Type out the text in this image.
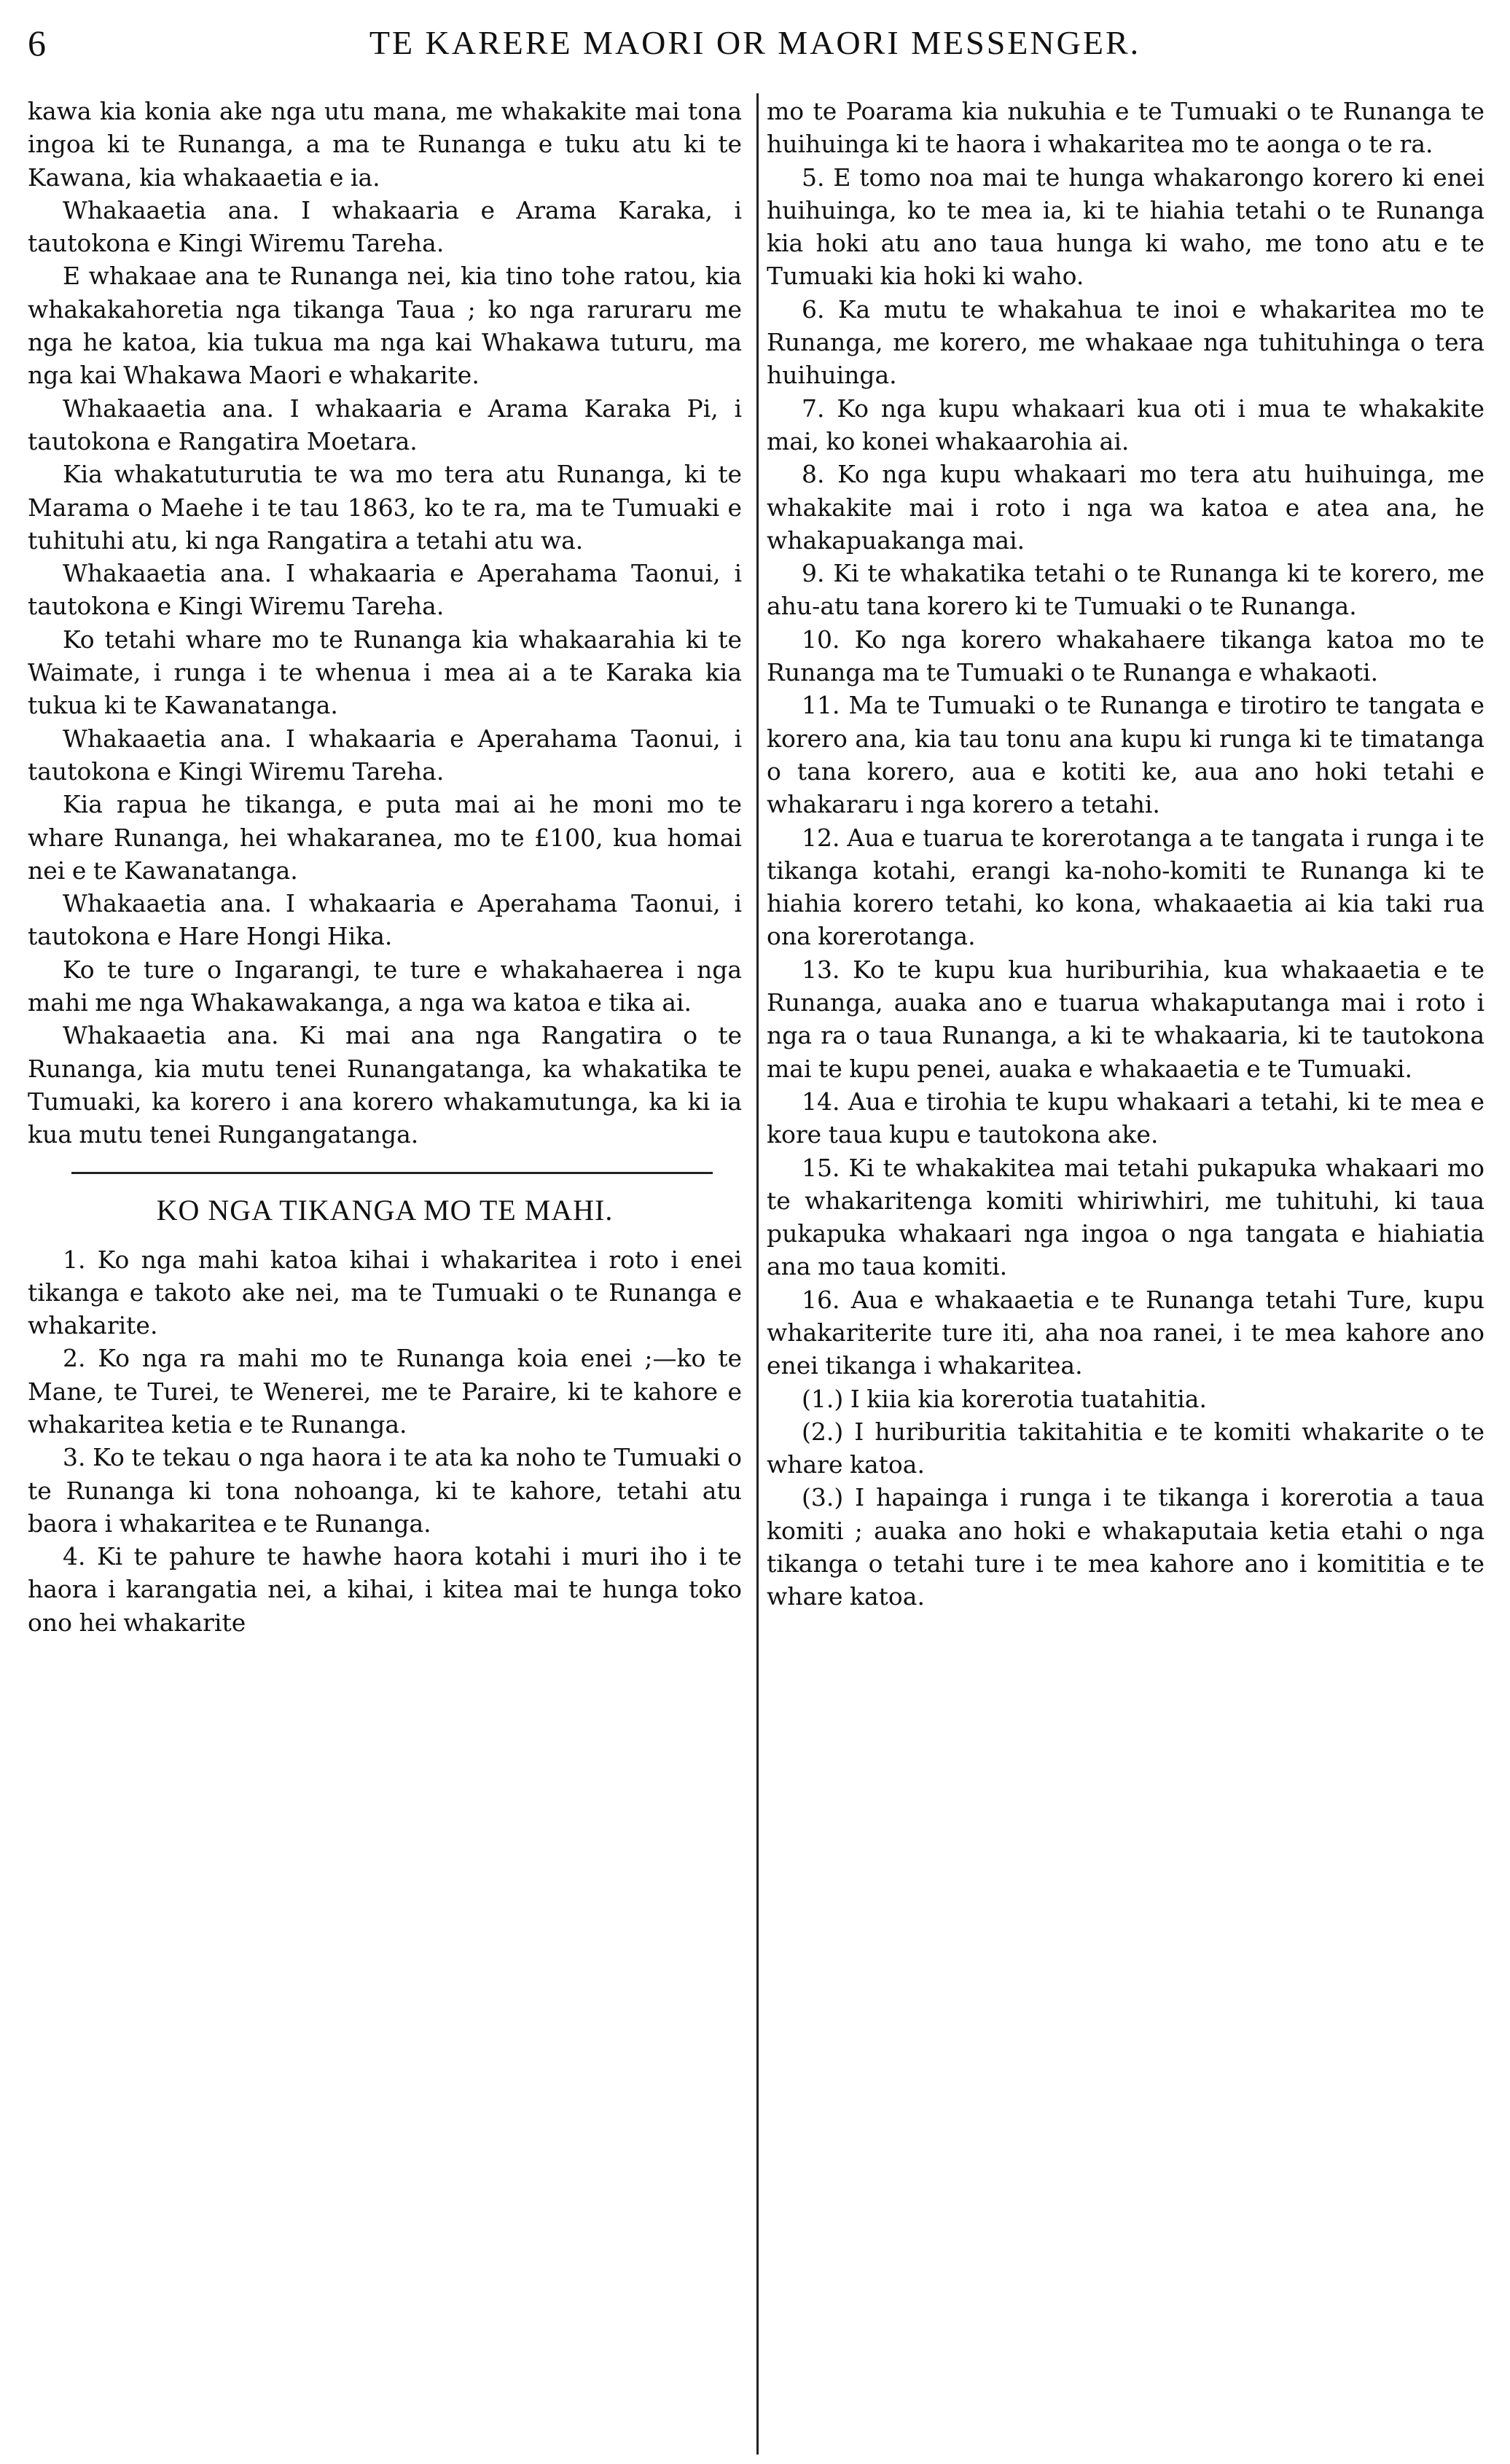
6	TE KARERE MAORI OR MAORI MESSENGER.

kawa kia konia ake nga utu mana, me whakakite mai tona ingoa ki te Runanga, a ma te Runanga e tuku atu ki te Kawana, kia whakaaetia e ia.

Whakaaetia ana. I whakaaria e Arama Karaka, i tautokona e Kingi Wiremu Tareha.

E whakaae ana te Runanga nei, kia tino tohe ratou, kia whakakahoretia nga tikanga Taua ; ko nga raruraru me nga he katoa, kia tukua ma nga kai Whakawa tuturu, ma nga kai Whakawa Maori e whakarite.

Whakaaetia ana. I whakaaria e Arama Karaka Pi, i tautokona e Rangatira Moetara.

Kia whakatuturutia te wa mo tera atu Runanga, ki te Marama o Maehe i te tau 1863, ko te ra, ma te Tumuaki e tuhituhi atu, ki nga Rangatira a tetahi atu wa.

Whakaaetia ana. I whakaaria e Aperahama Taonui, i tautokona e Kingi Wiremu Tareha.

Ko tetahi whare mo te Runanga kia whakaarahia ki te Waimate, i runga i te whenua i mea ai a te Karaka kia tukua ki te Kawanatanga.

Whakaaetia ana. I whakaaria e Aperahama Taonui, i tautokona e Kingi Wiremu Tareha.

Kia rapua he tikanga, e puta mai ai he moni mo te whare Runanga, hei whakaranea, mo te £100, kua homai nei e te Kawanatanga.

Whakaaetia ana. I whakaaria e Aperahama Taonui, i tautokona e Hare Hongi Hika.

Ko te ture o Ingarangi, te ture e whakahaerea i nga mahi me nga Whakawakanga, a nga wa katoa e tika ai.

Whakaaetia ana. Ki mai ana nga Rangatira o te Runanga, kia mutu tenei Runangatanga, ka whakatika te Tumuaki, ka korero i ana korero whakamutunga, ka ki ia kua mutu tenei Rungangatanga.

KO NGA TIKANGA MO TE MAHI.

1. Ko nga mahi katoa kihai i whakaritea i roto i enei tikanga e takoto ake nei, ma te Tumuaki o te Runanga e whakarite.

2. Ko nga ra mahi mo te Runanga koia enei ;—ko te Mane, te Turei, te Wenerei, me te Paraire, ki te kahore e whakaritea ketia e te Runanga.

3. Ko te tekau o nga haora i te ata ka noho te Tumuaki o te Runanga ki tona nohoanga, ki te kahore, tetahi atu baora i whakaritea e te Runanga.

4. Ki te pahure te hawhe haora kotahi i muri iho i te haora i karangatia nei, a kihai, i kitea mai te hunga toko ono hei whakarite

mo te Poarama kia nukuhia e te Tumuaki o te Runanga te huihuinga ki te haora i whakaritea mo te aonga o te ra.

5. E tomo noa mai te hunga whakarongo korero ki enei huihuinga, ko te mea ia, ki te hiahia tetahi o te Runanga kia hoki atu ano taua hunga ki waho, me tono atu e te Tumuaki kia hoki ki waho.

6. Ka mutu te whakahua te inoi e whakaritea mo te Runanga, me korero, me whakaae nga tuhituhinga o tera huihuinga.

7. Ko nga kupu whakaari kua oti i mua te whakakite mai, ko konei whakaarohia ai.

8. Ko nga kupu whakaari mo tera atu huihuinga, me whakakite mai i roto i nga wa katoa e atea ana, he whakapuakanga mai.

9. Ki te whakatika tetahi o te Runanga ki te korero, me ahu-atu tana korero ki te Tumuaki o te Runanga.

10. Ko nga korero whakahaere tikanga katoa mo te Runanga ma te Tumuaki o te Runanga e whakaoti.

11. Ma te Tumuaki o te Runanga e tirotiro te tangata e korero ana, kia tau tonu ana kupu ki runga ki te timatanga o tana korero, aua e kotiti ke, aua ano hoki tetahi e whakararu i nga korero a tetahi.

12. Aua e tuarua te korerotanga a te tangata i runga i te tikanga kotahi, erangi ka-noho-komiti te Runanga ki te hiahia korero tetahi, ko kona, whakaaetia ai kia taki rua ona korerotanga.

13. Ko te kupu kua huriburihia, kua whakaaetia e te Runanga, auaka ano e tuarua whakaputanga mai i roto i nga ra o taua Runanga, a ki te whakaaria, ki te tautokona mai te kupu penei, auaka e whakaaetia e te Tumuaki.

14. Aua e tirohia te kupu whakaari a tetahi, ki te mea e kore taua kupu e tautokona ake.

15. Ki te whakakitea mai tetahi pukapuka whakaari mo te whakaritenga komiti whiriwhiri, me tuhituhi, ki taua pukapuka whakaari nga ingoa o nga tangata e hiahiatia ana mo taua komiti.

16. Aua e whakaaetia e te Runanga tetahi Ture, kupu whakariterite ture iti, aha noa ranei, i te mea kahore ano enei tikanga i whakaritea.

(1.) I kiia kia korerotia tuatahitia.

(2.) I huriburitia takitahitia e te komiti whakarite o te whare katoa.

(3.) I hapainga i runga i te tikanga i korerotia a taua komiti ; auaka ano hoki e whakaputaia ketia etahi o nga tikanga o tetahi ture i te mea kahore ano i komititia e te whare katoa.
